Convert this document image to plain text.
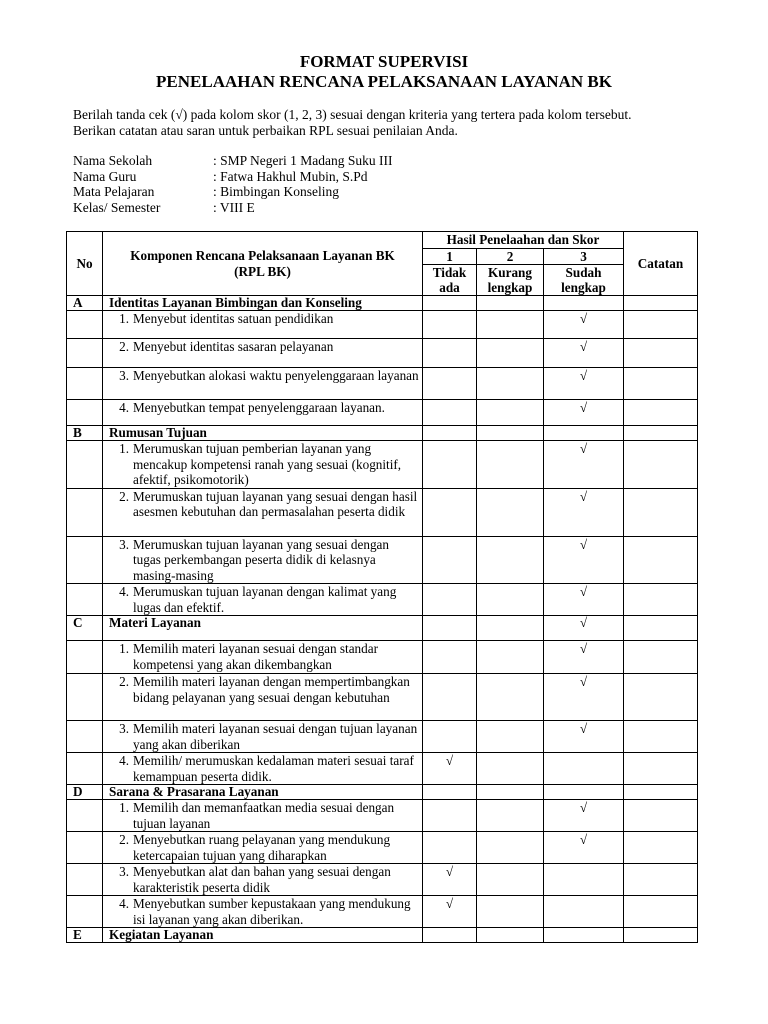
FORMAT SUPERVISI
PENELAAHAN RENCANA PELAKSANAAN LAYANAN BK
Berilah tanda cek (√) pada kolom skor (1, 2, 3) sesuai dengan kriteria yang tertera pada kolom tersebut.
Berikan catatan atau saran untuk perbaikan RPL sesuai penilaian Anda.
Nama Sekolah	: SMP Negeri 1 Madang Suku III
Nama Guru	: Fatwa Hakhul Mubin, S.Pd
Mata Pelajaran	: Bimbingan Konseling
Kelas/ Semester	: VIII E
No	Komponen Rencana Pelaksanaan Layanan BK (RPL BK)	Hasil Penelaahan dan Skor			Catatan
		1	2	3	
		Tidak ada	Kurang lengkap	Sudah lengkap	
A	Identitas Layanan Bimbingan dan Konseling				

	1. Menyebut identitas satuan pendidikan			√	

	2. Menyebut identitas sasaran pelayanan			√	

	3. Menyebutkan alokasi waktu penyelenggaraan layanan			√	

	4. Menyebutkan tempat penyelenggaraan layanan.			√	
B	Rumusan Tujuan				

	1. Merumuskan tujuan pemberian layanan yang mencakup kompetensi ranah yang sesuai (kognitif, afektif, psikomotorik)			√	

	2. Merumuskan tujuan layanan yang sesuai dengan hasil asesmen kebutuhan dan permasalahan peserta didik			√	

	3. Merumuskan tujuan layanan yang sesuai dengan tugas perkembangan peserta didik di kelasnya masing-masing			√	

	4. Merumuskan tujuan layanan dengan kalimat yang lugas dan efektif.			√	
C	Materi Layanan			√	

	1. Memilih materi layanan sesuai dengan standar kompetensi yang akan dikembangkan			√	

	2. Memilih materi layanan dengan mempertimbangkan bidang pelayanan yang sesuai dengan kebutuhan			√	

	3. Memilih materi layanan sesuai dengan tujuan layanan yang akan diberikan			√	

	4. Memilih/ merumuskan kedalaman materi sesuai taraf kemampuan peserta didik.	√			
D	Sarana & Prasarana Layanan				

	1. Memilih dan memanfaatkan media sesuai dengan tujuan layanan			√	

	2. Menyebutkan ruang pelayanan yang mendukung ketercapaian tujuan yang diharapkan			√	

	3. Menyebutkan alat dan bahan yang sesuai dengan karakteristik peserta didik	√			

	4. Menyebutkan sumber kepustakaan yang mendukung isi layanan yang akan diberikan.	√			
E	Kegiatan Layanan				
